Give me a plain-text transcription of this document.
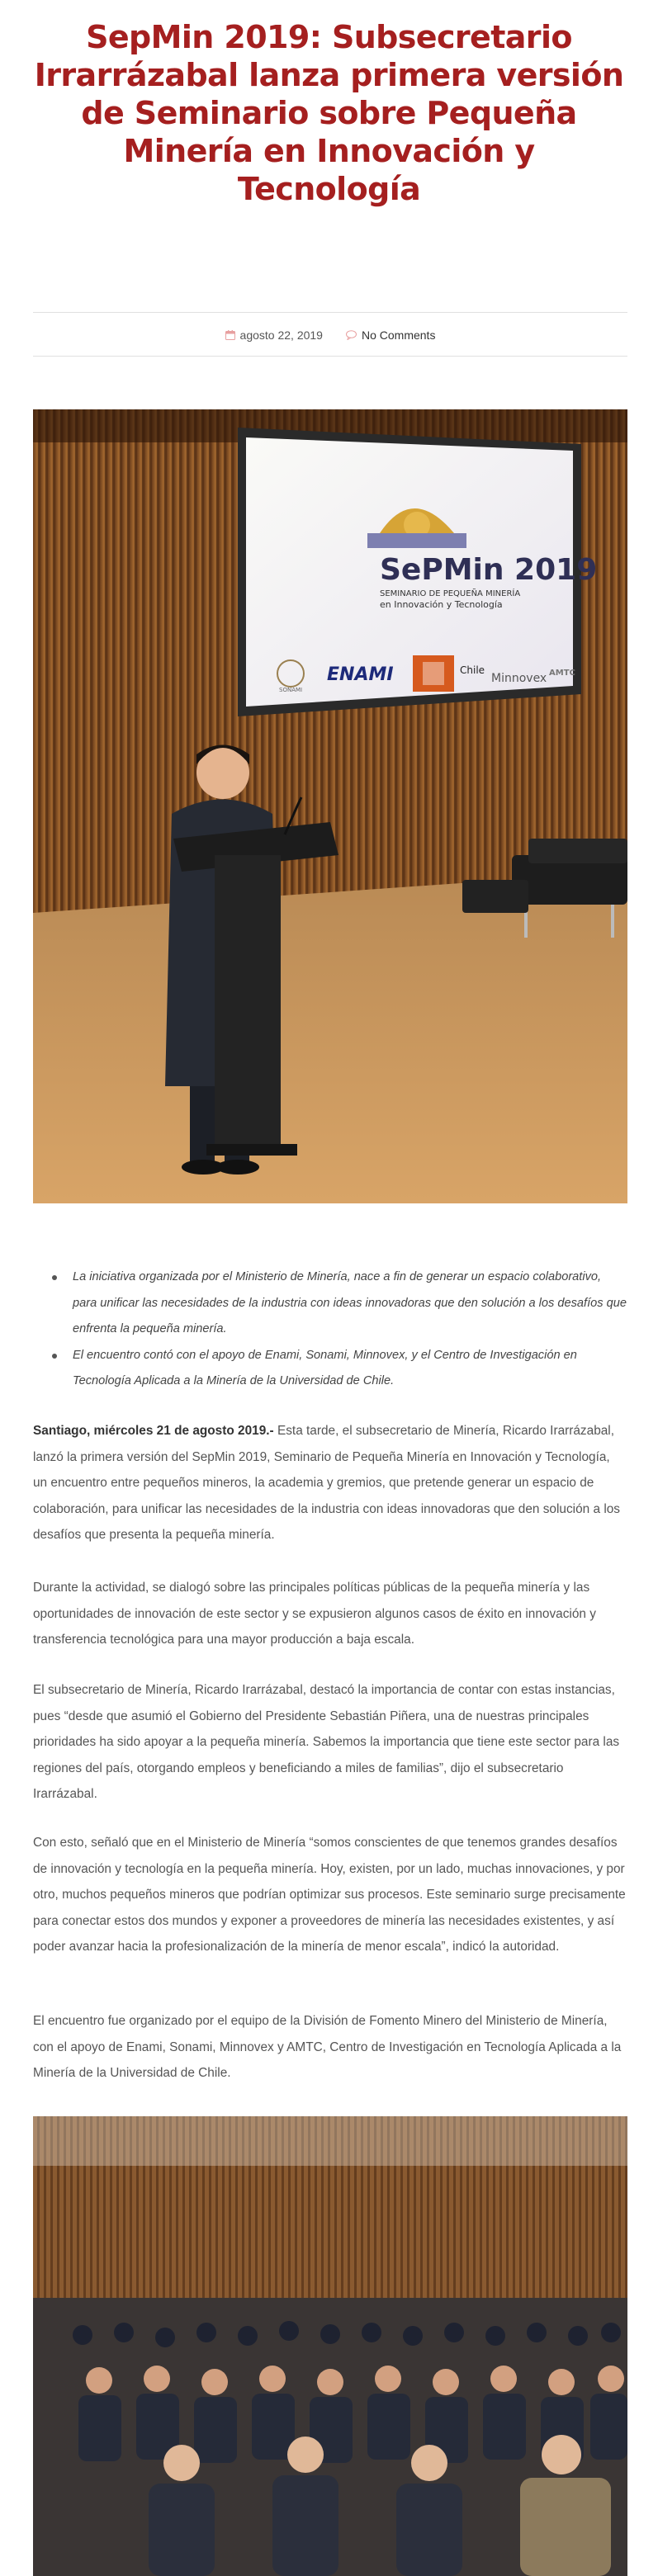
SepMin 2019: Subsecretario Irrarrázabal lanza primera versión de Seminario sobre Pequeña Minería en Innovación y Tecnología
agosto 22, 2019	No Comments
SePMin 2019
SEMINARIO DE PEQUEÑA MINERÍA
en Innovación y Tecnología
SONAMI
ENAMI	Chile
Minnovex AMTC
La iniciativa organizada por el Ministerio de Minería, nace a fin de generar un espacio colaborativo, para unificar las necesidades de la industria con ideas innovadoras que den solución a los desafíos que enfrenta la pequeña minería.
El encuentro contó con el apoyo de Enami, Sonami, Minnovex, y el Centro de Investigación en Tecnología Aplicada a la Minería de la Universidad de Chile.

Santiago, miércoles 21 de agosto 2019.- Esta tarde, el subsecretario de Minería, Ricardo Irarrázabal, lanzó la primera versión del SepMin 2019, Seminario de Pequeña Minería en Innovación y Tecnología, un encuentro entre pequeños mineros, la academia y gremios, que pretende generar un espacio de colaboración, para unificar las necesidades de la industria con ideas innovadoras que den solución a los desafíos que presenta la pequeña minería.

Durante la actividad, se dialogó sobre las principales políticas públicas de la pequeña minería y las oportunidades de innovación de este sector y se expusieron algunos casos de éxito en innovación y transferencia tecnológica para una mayor producción a baja escala.

El subsecretario de Minería, Ricardo Irarrázabal, destacó la importancia de contar con estas instancias, pues “desde que asumió el Gobierno del Presidente Sebastián Piñera, una de nuestras principales prioridades ha sido apoyar a la pequeña minería. Sabemos la importancia que tiene este sector para las regiones del país, otorgando empleos y beneficiando a miles de familias”, dijo el subsecretario Irarrázabal.

Con esto, señaló que en el Ministerio de Minería “somos conscientes de que tenemos grandes desafíos de innovación y tecnología en la pequeña minería. Hoy, existen, por un lado, muchas innovaciones, y por otro, muchos pequeños mineros que podrían optimizar sus procesos. Este seminario surge precisamente para conectar estos dos mundos y exponer a proveedores de minería las necesidades existentes, y así poder avanzar hacia la profesionalización de la minería de menor escala”, indicó la autoridad.

El encuentro fue organizado por el equipo de la División de Fomento Minero del Ministerio de Minería, con el apoyo de Enami, Sonami, Minnovex y AMTC, Centro de Investigación en Tecnología Aplicada a la Minería de la Universidad de Chile.
